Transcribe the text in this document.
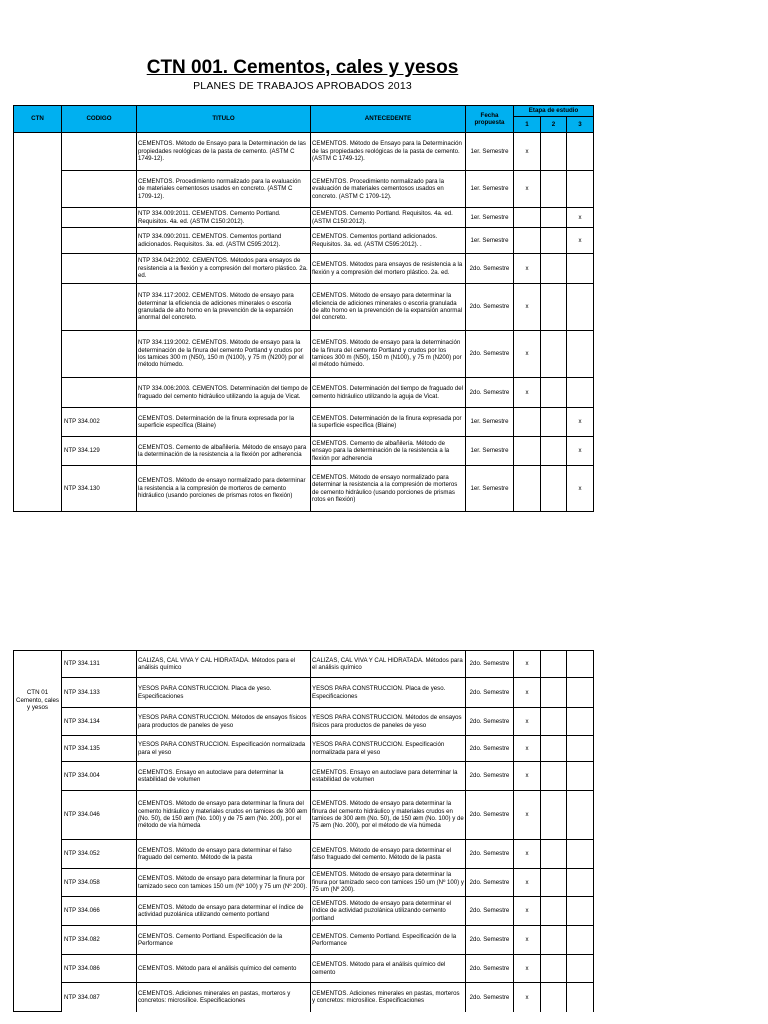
CTN 001. Cementos, cales y yesos
PLANES DE TRABAJOS APROBADOS 2013
CTN	CODIGO	TITULO	ANTECEDENTE	Fecha propuesta	Etapa de estudio		
					1	2	3
		CEMENTOS. Método de Ensayo para la Determinación de las propiedades reológicas de la pasta de cemento. (ASTM C 1749-12).	CEMENTOS. Método de Ensayo para la Determinación de las propiedades reológicas de la pasta de cemento. (ASTM C 1749-12).	1er. Semestre	x		
		CEMENTOS. Procedimiento normalizado para la evaluación de materiales cementosos usados en concreto. (ASTM C 1709-12).	CEMENTOS. Procedimiento normalizado para la evaluación de materiales cementosos usados en concreto. (ASTM C 1709-12).	1er. Semestre	x		
		NTP 334.009:2011. CEMENTOS. Cemento Portland. Requisitos. 4a. ed. (ASTM C150:2012).	CEMENTOS. Cemento Portland. Requisitos. 4a. ed. (ASTM C150:2012).	1er. Semestre			x
		NTP 334.090:2011. CEMENTOS. Cementos portland adicionados. Requisitos. 3a. ed. (ASTM C595:2012).	CEMENTOS. Cementos portland adicionados. Requisitos. 3a. ed. (ASTM C595:2012). .	1er. Semestre			x
		NTP 334.042:2002. CEMENTOS. Métodos para ensayos de resistencia a la flexión y a compresión del mortero plástico. 2a. ed.	CEMENTOS. Métodos para ensayos de resistencia a la flexión y a compresión del mortero plástico. 2a. ed.	2do. Semestre	x		
		NTP 334.117:2002. CEMENTOS. Método de ensayo para determinar la eficiencia de adiciones minerales o escoria granulada de alto horno en la prevención de la expansión anormal del concreto.	CEMENTOS. Método de ensayo para determinar la eficiencia de adiciones minerales o escoria granulada de alto horno en la prevención de la expansión anormal del concreto.	2do. Semestre	x		
		NTP 334.119:2002. CEMENTOS. Método de ensayo para la determinación de la finura del cemento Portland y crudos por los tamices 300 m (N50), 150 m (N100), y 75 m (N200) por el método húmedo.	CEMENTOS. Método de ensayo para la determinación de la finura del cemento Portland y crudos por los tamices 300 m (N50), 150 m (N100), y 75 m (N200) por el método húmedo.	2do. Semestre	x		
		NTP 334.006:2003. CEMENTOS. Determinación del tiempo de fraguado del cemento hidráulico utilizando la aguja de Vicat.	CEMENTOS. Determinación del tiempo de fraguado del cemento hidráulico utilizando la aguja de Vicat.	2do. Semestre	x		
	NTP 334.002	CEMENTOS. Determinación de la finura expresada por la superficie específica (Blaine)	CEMENTOS. Determinación de la finura expresada por la superficie específica (Blaine)	1er. Semestre			x
	NTP 334.129	CEMENTOS. Cemento de albañilería. Método de ensayo para la determinación de la resistencia a la flexión por adherencia	CEMENTOS. Cemento de albañilería. Método de ensayo para la determinación de la resistencia a la flexión por adherencia	1er. Semestre			x
	NTP 334.130	CEMENTOS. Método de ensayo normalizado para determinar la resistencia a la compresión de morteros de cemento hidráulico (usando porciones de prismas rotos en flexión)	CEMENTOS. Método de ensayo normalizado para determinar la resistencia a la compresión de morteros de cemento hidráulico (usando porciones de prismas rotos en flexión)	1er. Semestre			x
CTN 01 Cemento, cales y yesos	NTP 334.131	CALIZAS, CAL VIVA Y CAL HIDRATADA. Métodos para el análisis químico	CALIZAS, CAL VIVA Y CAL HIDRATADA. Métodos para el análisis químico	2do. Semestre	x		
	NTP 334.133	YESOS PARA CONSTRUCCION. Placa de yeso. Especificaciones	YESOS PARA CONSTRUCCION. Placa de yeso. Especificaciones	2do. Semestre	x		
	NTP 334.134	YESOS PARA CONSTRUCCION. Métodos de ensayos físicos para productos de paneles de yeso	YESOS PARA CONSTRUCCION. Métodos de ensayos físicos para productos de paneles de yeso	2do. Semestre	x		
	NTP 334.135	YESOS PARA CONSTRUCCION. Especificación normalizada para el yeso	YESOS PARA CONSTRUCCION. Especificación normalizada para el yeso	2do. Semestre	x		
	NTP 334.004	CEMENTOS. Ensayo en autoclave para determinar la estabilidad de volumen	CEMENTOS. Ensayo en autoclave para determinar la estabilidad de volumen	2do. Semestre	x		
	NTP 334.046	CEMENTOS. Método de ensayo para determinar la finura del cemento hidráulico y materiales crudos en tamices de 300 æm (No. 50), de 150 æm (No. 100) y de 75 æm (No. 200), por el método de vía húmeda	CEMENTOS. Método de ensayo para determinar la finura del cemento hidráulico y materiales crudos en tamices de 300 æm (No. 50), de 150 æm (No. 100) y de 75 æm (No. 200), por el método de vía húmeda	2do. Semestre	x		
	NTP 334.052	CEMENTOS. Método de ensayo para determinar el falso fraguado del cemento. Método de la pasta	CEMENTOS. Método de ensayo para determinar el falso fraguado del cemento. Método de la pasta	2do. Semestre	x		
	NTP 334.058	CEMENTOS. Método de ensayo para determinar la finura por tamizado seco con tamices 150 um (Nº 100) y 75 um (Nº 200).	CEMENTOS. Método de ensayo para determinar la finura por tamizado seco con tamices 150 um (Nº 100) y 75 um (Nº 200).	2do. Semestre	x		
	NTP 334.066	CEMENTOS. Método de ensayo para determinar el índice de actividad puzolánica utilizando cemento portland	CEMENTOS. Método de ensayo para determinar el índice de actividad puzolánica utilizando cemento portland	2do. Semestre	x		
	NTP 334.082	CEMENTOS. Cemento Portland. Especificación de la Performance	CEMENTOS. Cemento Portland. Especificación de la Performance	2do. Semestre	x		
	NTP 334.086	CEMENTOS. Método para el análisis químico del cemento	CEMENTOS. Método para el análisis químico del cemento	2do. Semestre	x		
	NTP 334.087	CEMENTOS. Adiciones minerales en pastas, morteros y concretos: microsílice. Especificaciones	CEMENTOS. Adiciones minerales en pastas, morteros y concretos: microsílice. Especificaciones	2do. Semestre	x		
